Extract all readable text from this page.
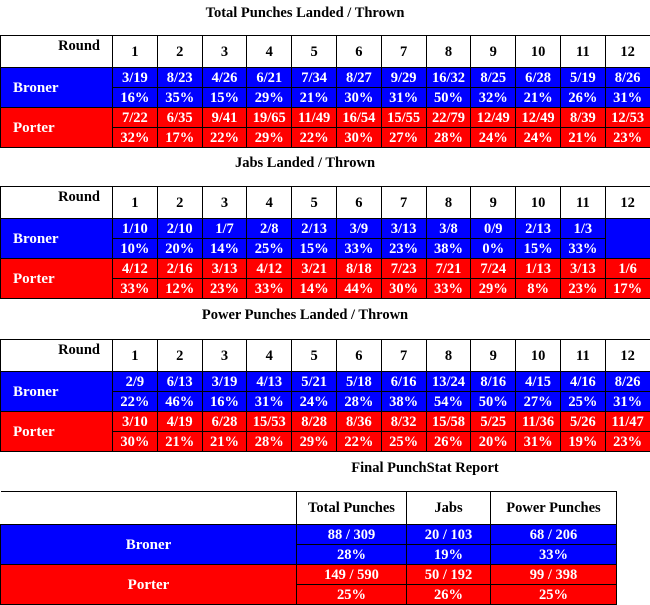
Total Punches Landed / Thrown
Round	1	2	3	4	5	6	7	8	9	10	11	12
Broner	3/19	8/23	4/26	6/21	7/34	8/27	9/29	16/32	8/25	6/28	5/19	8/26
	16%	35%	15%	29%	21%	30%	31%	50%	32%	21%	26%	31%
Porter	7/22	6/35	9/41	19/65	11/49	16/54	15/55	22/79	12/49	12/49	8/39	12/53
	32%	17%	22%	29%	22%	30%	27%	28%	24%	24%	21%	23%
Jabs Landed / Thrown
Round	1	2	3	4	5	6	7	8	9	10	11	12
Broner	1/10	2/10	1/7	2/8	2/13	3/9	3/13	3/8	0/9	2/13	1/3	
	10%	20%	14%	25%	15%	33%	23%	38%	0%	15%	33%	
Porter	4/12	2/16	3/13	4/12	3/21	8/18	7/23	7/21	7/24	1/13	3/13	1/6
	33%	12%	23%	33%	14%	44%	30%	33%	29%	8%	23%	17%
Power Punches Landed / Thrown
Round	1	2	3	4	5	6	7	8	9	10	11	12
Broner	2/9	6/13	3/19	4/13	5/21	5/18	6/16	13/24	8/16	4/15	4/16	8/26
	22%	46%	16%	31%	24%	28%	38%	54%	50%	27%	25%	31%
Porter	3/10	4/19	6/28	15/53	8/28	8/36	8/32	15/58	5/25	11/36	5/26	11/47
	30%	21%	21%	28%	29%	22%	25%	26%	20%	31%	19%	23%
Final PunchStat Report
	Total Punches	Jabs	Power Punches
Broner	88 / 309	20 / 103	68 / 206
	28%	19%	33%
Porter	149 / 590	50 / 192	99 / 398
	25%	26%	25%
